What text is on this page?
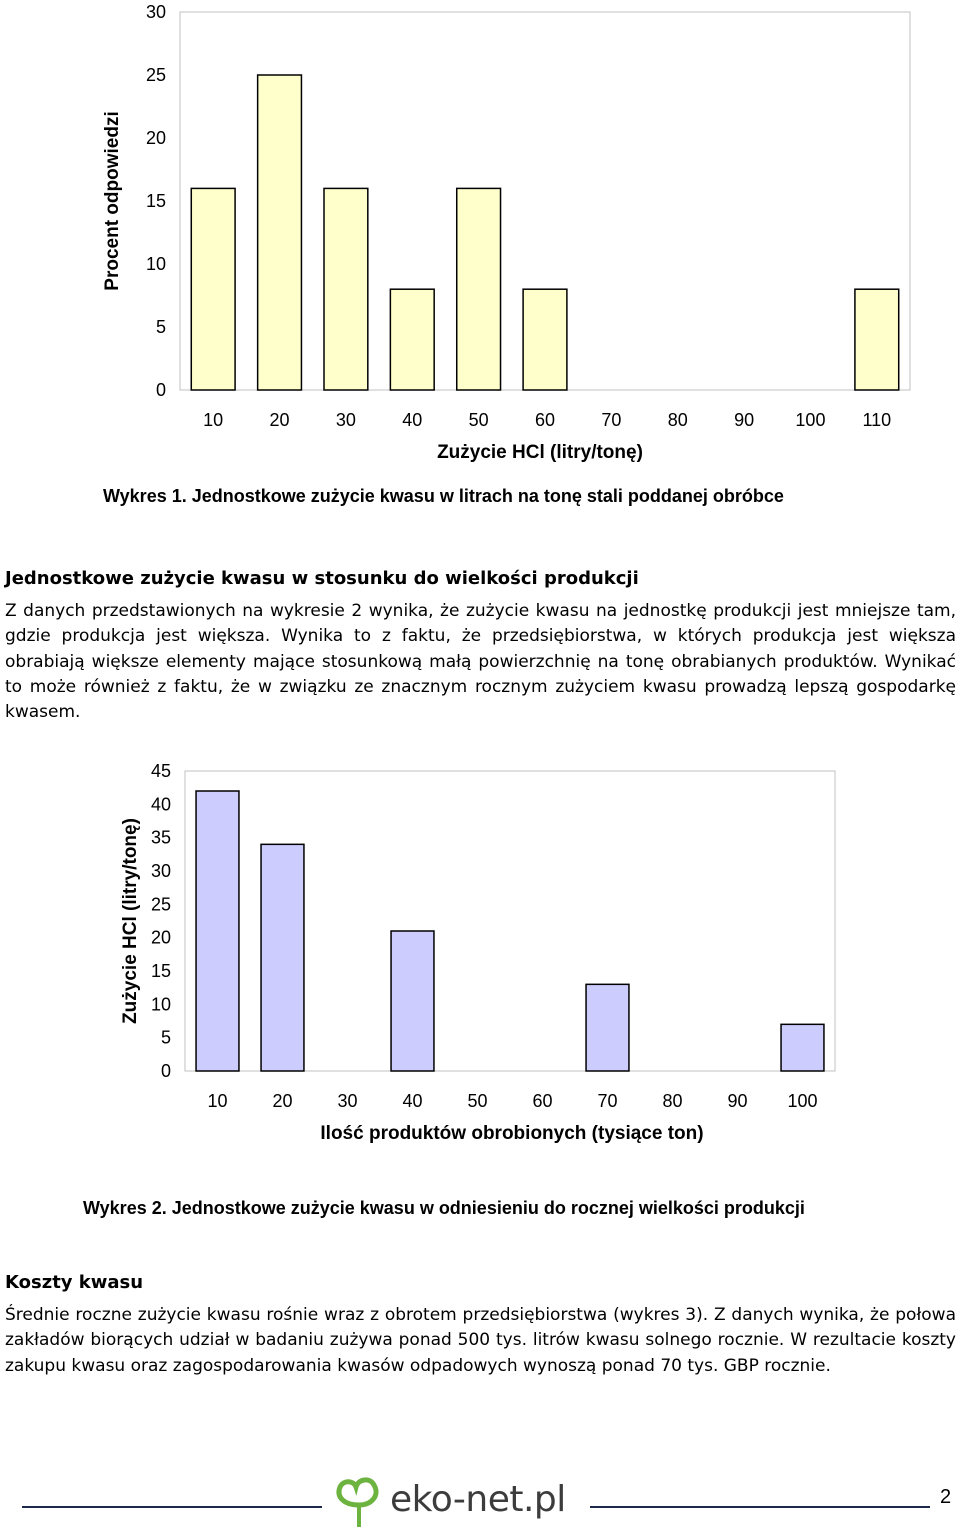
0
5
10
15
20
25
30
10	20	30	40	50	60	70	80	90 100 110
Zużycie HCl (litry/tonę)
Procent odpowiedzi
Wykres 1. Jednostkowe zużycie kwasu w litrach na tonę stali poddanej obróbce
Jednostkowe zużycie kwasu w stosunku do wielkości produkcji
Z danych przedstawionych na wykresie 2 wynika, że zużycie kwasu na jednostkę produkcji jest mniejsze tam, gdzie produkcja jest większa. Wynika to z faktu, że przedsiębiorstwa, w których produkcja jest większa obrabiają większe elementy mające stosunkową małą powierzchnię na tonę obrabianych produktów. Wynikać to może również z faktu, że w związku ze znacznym rocznym zużyciem kwasu prowadzą lepszą gospodarkę kwasem.
0
5
10
15
20
25
30
35
40
45
10 20 30 40 50 60 70 80 90 100
Ilość produktów obrobionych (tysiące ton)
Zużycie HCl (litry/tonę)
Wykres 2. Jednostkowe zużycie kwasu w odniesieniu do rocznej wielkości produkcji
Koszty kwasu
Średnie roczne zużycie kwasu rośnie wraz z obrotem przedsiębiorstwa (wykres 3). Z danych wynika, że połowa zakładów biorących udział w badaniu zużywa ponad 500 tys. litrów kwasu solnego rocznie. W rezultacie koszty zakupu kwasu oraz zagospodarowania kwasów odpadowych wynoszą ponad 70 tys. GBP rocznie.
eko-net.pl	2
